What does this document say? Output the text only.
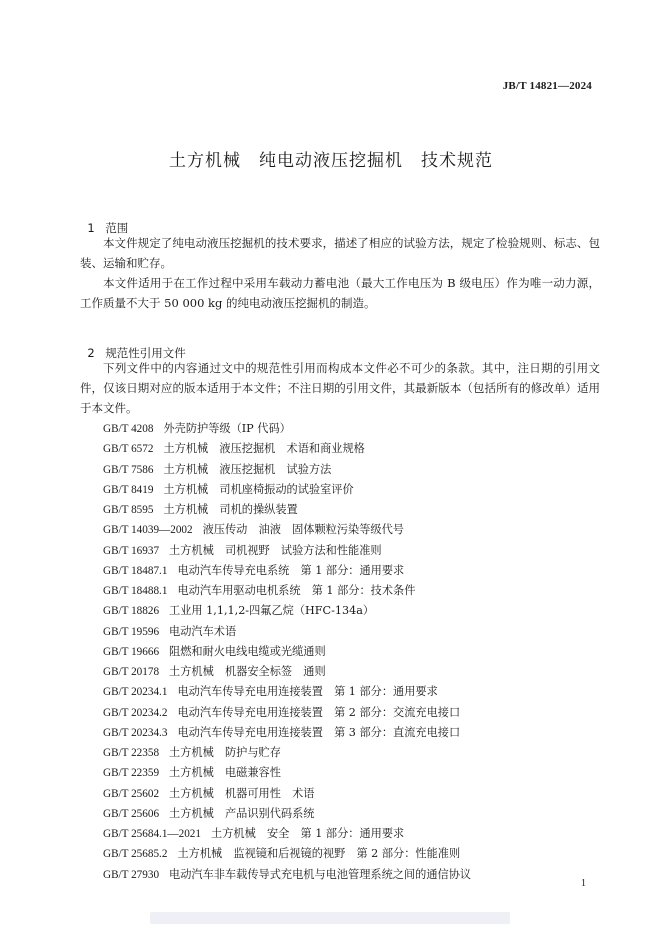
JB/T 14821—2024
土方机械　纯电动液压挖掘机　技术规范

1 范围

本文件规定了纯电动液压挖掘机的技术要求，描述了相应的试验方法，规定了检验规则、标志、包装、运输和贮存。

本文件适用于在工作过程中采用车载动力蓄电池（最大工作电压为 B 级电压）作为唯一动力源，工作质量不大于 50 000 kg 的纯电动液压挖掘机的制造。

2 规范性引用文件

下列文件中的内容通过文中的规范性引用而构成本文件必不可少的条款。其中，注日期的引用文件，仅该日期对应的版本适用于本文件；不注日期的引用文件，其最新版本（包括所有的修改单）适用于本文件。

GB/T 4208 外壳防护等级（IP 代码）
GB/T 6572 土方机械　液压挖掘机　术语和商业规格
GB/T 7586 土方机械　液压挖掘机　试验方法
GB/T 8419 土方机械　司机座椅振动的试验室评价
GB/T 8595 土方机械　司机的操纵装置
GB/T 14039—2002 液压传动　油液　固体颗粒污染等级代号
GB/T 16937 土方机械　司机视野　试验方法和性能准则
GB/T 18487.1 电动汽车传导充电系统　第 1 部分：通用要求
GB/T 18488.1 电动汽车用驱动电机系统　第 1 部分：技术条件
GB/T 18826 工业用 1,1,1,2-四氟乙烷（HFC-134a）
GB/T 19596 电动汽车术语
GB/T 19666 阻燃和耐火电线电缆或光缆通则
GB/T 20178 土方机械　机器安全标签　通则
GB/T 20234.1 电动汽车传导充电用连接装置　第 1 部分：通用要求
GB/T 20234.2 电动汽车传导充电用连接装置　第 2 部分：交流充电接口
GB/T 20234.3 电动汽车传导充电用连接装置　第 3 部分：直流充电接口
GB/T 22358 土方机械　防护与贮存
GB/T 22359 土方机械　电磁兼容性
GB/T 25602 土方机械　机器可用性　术语
GB/T 25606 土方机械　产品识别代码系统
GB/T 25684.1—2021 土方机械　安全　第 1 部分：通用要求
GB/T 25685.2 土方机械　监视镜和后视镜的视野　第 2 部分：性能准则
GB/T 27930 电动汽车非车载传导式充电机与电池管理系统之间的通信协议
1
